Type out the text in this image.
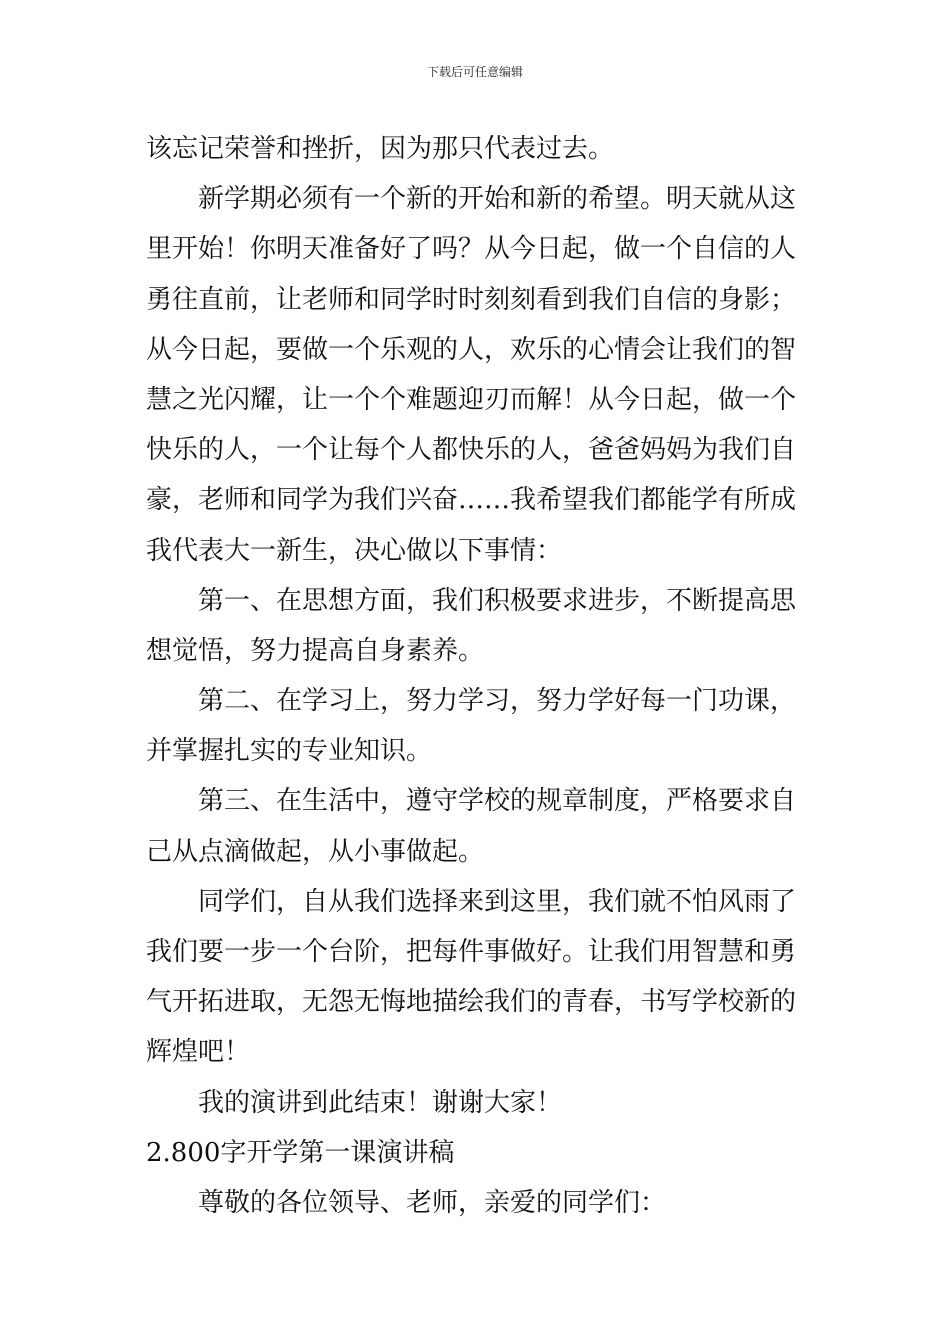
下载后可任意编辑
该忘记荣誉和挫折，因为那只代表过去。
新学期必须有一个新的开始和新的希望。明天就从这
里开始！你明天准备好了吗？从今日起，做一个自信的人
勇往直前，让老师和同学时时刻刻看到我们自信的身影；
从今日起，要做一个乐观的人，欢乐的心情会让我们的智
慧之光闪耀，让一个个难题迎刃而解！从今日起，做一个
快乐的人，一个让每个人都快乐的人，爸爸妈妈为我们自
豪，老师和同学为我们兴奋……我希望我们都能学有所成
我代表大一新生，决心做以下事情：
第一、在思想方面，我们积极要求进步，不断提高思
想觉悟，努力提高自身素养。
第二、在学习上，努力学习，努力学好每一门功课，
并掌握扎实的专业知识。
第三、在生活中，遵守学校的规章制度，严格要求自
己从点滴做起，从小事做起。
同学们，自从我们选择来到这里，我们就不怕风雨了
我们要一步一个台阶，把每件事做好。让我们用智慧和勇
气开拓进取，无怨无悔地描绘我们的青春，书写学校新的
辉煌吧！
我的演讲到此结束！谢谢大家！
2.800字开学第一课演讲稿
尊敬的各位领导、老师，亲爱的同学们：
